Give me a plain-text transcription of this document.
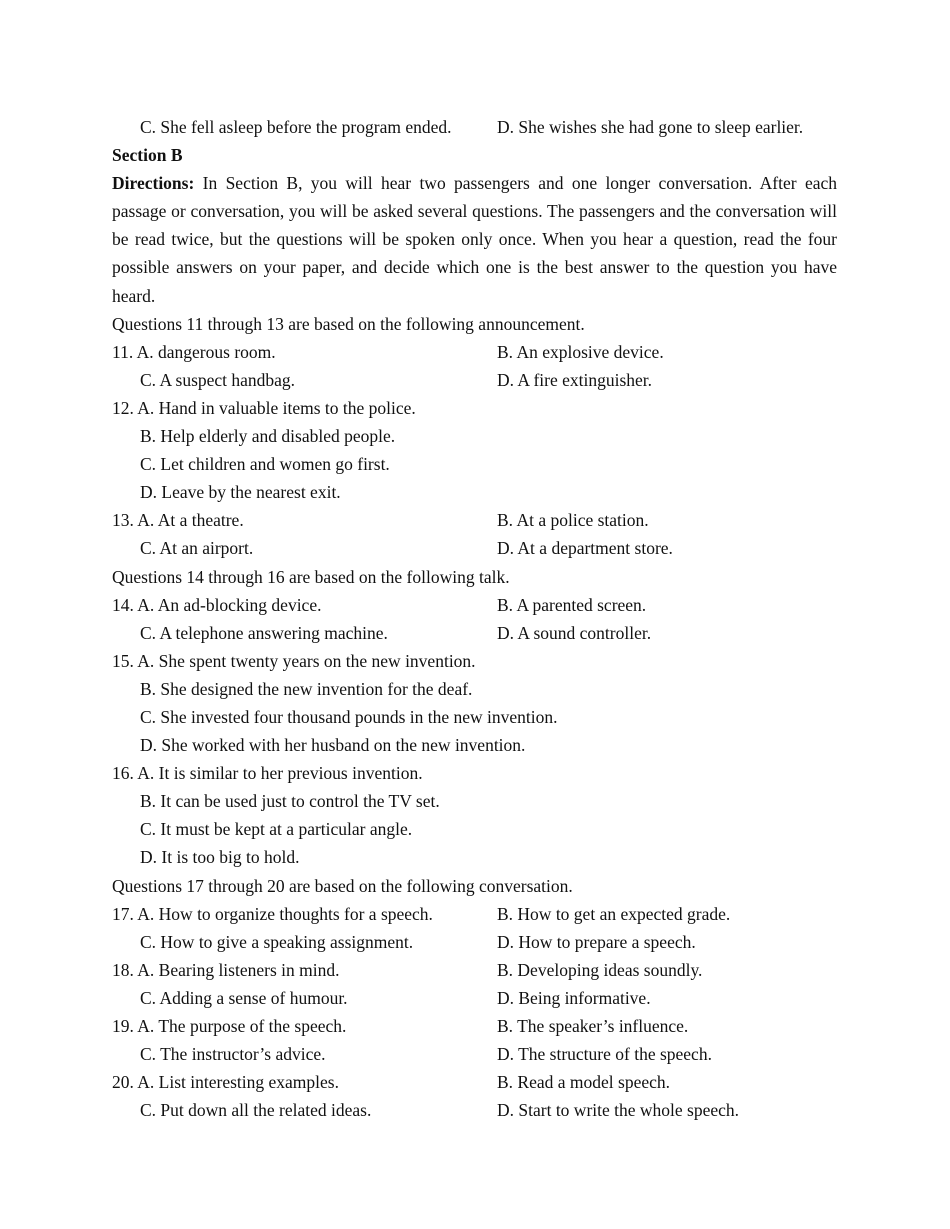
C. She fell asleep before the program ended.	D. She wishes she had gone to sleep earlier.
Section B
Directions: In Section B, you will hear two passengers and one longer conversation. After each passage or conversation, you will be asked several questions. The passengers and the conversation will be read twice, but the questions will be spoken only once. When you hear a question, read the four possible answers on your paper, and decide which one is the best answer to the question you have heard.
Questions 11 through 13 are based on the following announcement.
11. A. dangerous room.	B. An explosive device.
C. A suspect handbag.	D. A fire extinguisher.
12. A. Hand in valuable items to the police.
B. Help elderly and disabled people.
C. Let children and women go first.
D. Leave by the nearest exit.
13. A. At a theatre.	B. At a police station.
C. At an airport.	D. At a department store.
Questions 14 through 16 are based on the following talk.
14. A. An ad-blocking device.	B. A parented screen.
C. A telephone answering machine.	D. A sound controller.
15. A. She spent twenty years on the new invention.
B. She designed the new invention for the deaf.
C. She invested four thousand pounds in the new invention.
D. She worked with her husband on the new invention.
16. A. It is similar to her previous invention.
B. It can be used just to control the TV set.
C. It must be kept at a particular angle.
D. It is too big to hold.
Questions 17 through 20 are based on the following conversation.
17. A. How to organize thoughts for a speech.	B. How to get an expected grade.
C. How to give a speaking assignment.	D. How to prepare a speech.
18. A. Bearing listeners in mind.	B. Developing ideas soundly.
C. Adding a sense of humour.	D. Being informative.
19. A. The purpose of the speech.	B. The speaker’s influence.
C. The instructor’s advice.	D. The structure of the speech.
20. A. List interesting examples.	B. Read a model speech.
C. Put down all the related ideas.	D. Start to write the whole speech.
